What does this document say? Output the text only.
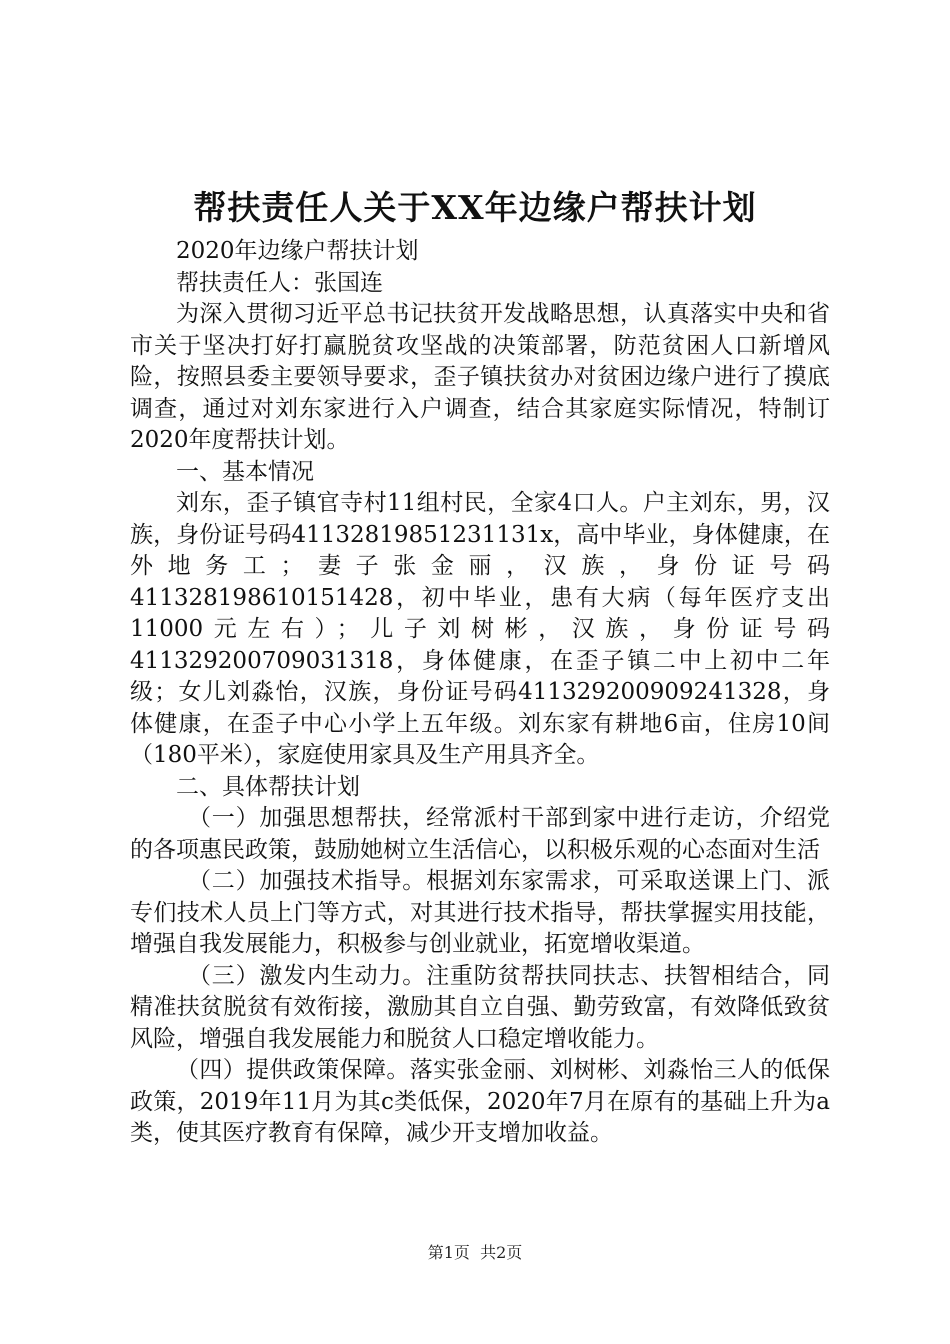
帮扶责任人关于XX年边缘户帮扶计划

2020年边缘户帮扶计划

帮扶责任人：张国连

为深入贯彻习近平总书记扶贫开发战略思想，认真落实中央和省市关于坚决打好打赢脱贫攻坚战的决策部署，防范贫困人口新增风险，按照县委主要领导要求，歪子镇扶贫办对贫困边缘户进行了摸底调查，通过对刘东家进行入户调查，结合其家庭实际情况，特制订2020年度帮扶计划。

一、基本情况

刘东，歪子镇官寺村11组村民，全家4口人。户主刘东，男，汉族，身份证号码41132819851231131x，高中毕业，身体健康，在外地务工；妻子张金丽，汉族，身份证号码411328198610151428，初中毕业，患有大病（每年医疗支出11000元左右）；儿子刘树彬，汉族，身份证号码411329200709031318，身体健康，在歪子镇二中上初中二年级；女儿刘淼怡，汉族，身份证号码411329200909241328，身体健康，在歪子中心小学上五年级。刘东家有耕地6亩，住房10间（180平米），家庭使用家具及生产用具齐全。

二、具体帮扶计划

（一）加强思想帮扶，经常派村干部到家中进行走访，介绍党的各项惠民政策，鼓励她树立生活信心，以积极乐观的心态面对生活

（二）加强技术指导。根据刘东家需求，可采取送课上门、派专们技术人员上门等方式，对其进行技术指导，帮扶掌握实用技能，增强自我发展能力，积极参与创业就业，拓宽增收渠道。

（三）激发内生动力。注重防贫帮扶同扶志、扶智相结合，同精准扶贫脱贫有效衔接，激励其自立自强、勤劳致富，有效降低致贫风险，增强自我发展能力和脱贫人口稳定增收能力。

（四）提供政策保障。落实张金丽、刘树彬、刘淼怡三人的低保政策，2019年11月为其c类低保，2020年7月在原有的基础上升为a类，使其医疗教育有保障，减少开支增加收益。

第1页 共2页
